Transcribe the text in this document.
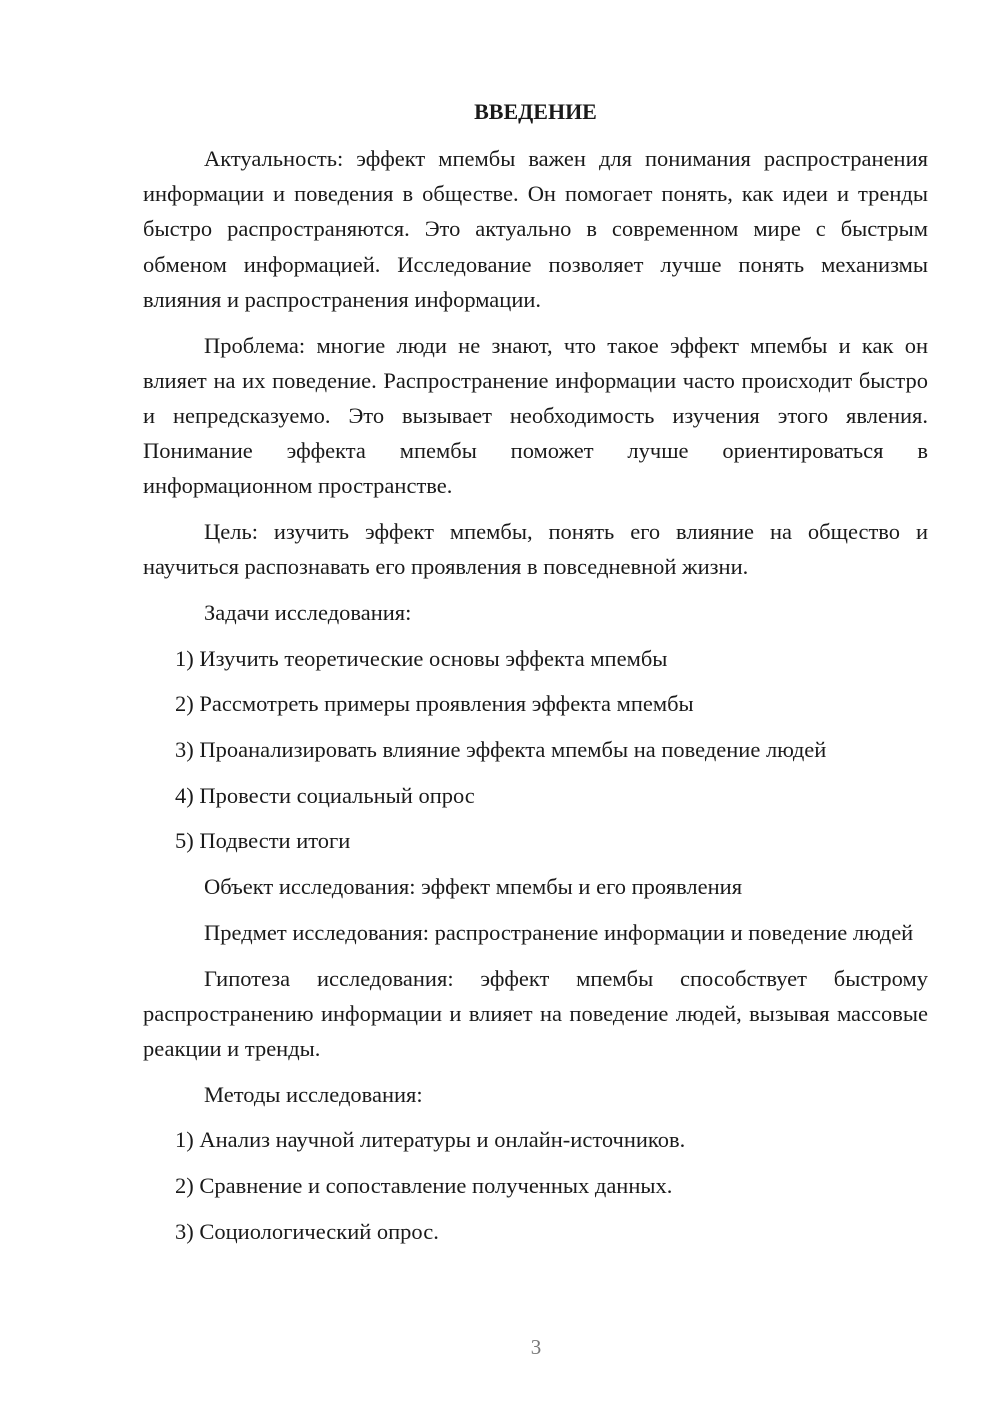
ВВЕДЕНИЕ

Актуальность: эффект мпембы важен для понимания распространения информации и поведения в обществе. Он помогает понять, как идеи и тренды быстро распространяются. Это актуально в современном мире с быстрым обменом информацией. Исследование позволяет лучше понять механизмы влияния и распространения информации.

Проблема: многие люди не знают, что такое эффект мпембы и как он влияет на их поведение. Распространение информации часто происходит быстро и непредсказуемо. Это вызывает необходимость изучения этого явления. Понимание эффекта мпембы поможет лучше ориентироваться в информационном пространстве.

Цель: изучить эффект мпембы, понять его влияние на общество и научиться распознавать его проявления в повседневной жизни.

Задачи исследования:

1) Изучить теоретические основы эффекта мпембы

2) Рассмотреть примеры проявления эффекта мпембы

3) Проанализировать влияние эффекта мпембы на поведение людей

4) Провести социальный опрос

5) Подвести итоги

Объект исследования: эффект мпембы и его проявления

Предмет исследования: распространение информации и поведение людей

Гипотеза исследования: эффект мпембы способствует быстрому распространению информации и влияет на поведение людей, вызывая массовые реакции и тренды.

Методы исследования:

1) Анализ научной литературы и онлайн-источников.

2) Сравнение и сопоставление полученных данных.

3) Социологический опрос.

3
